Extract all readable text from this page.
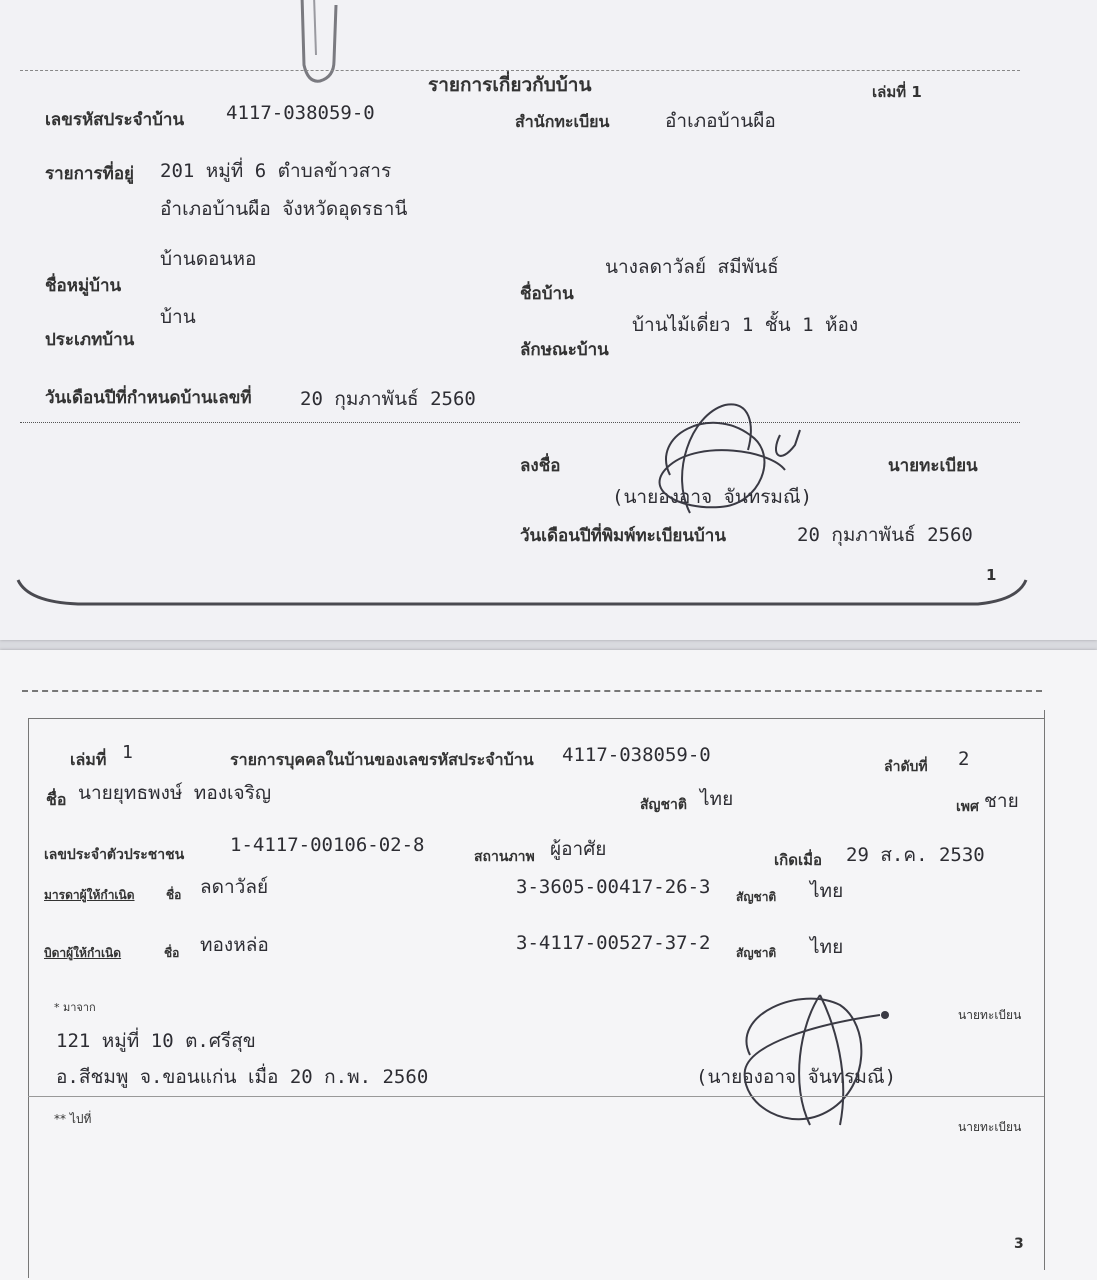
รายการเกี่ยวกับบ้าน	เล่มที่ 1
เลขรหัสประจำบ้าน 4117-038059-0	สำนักทะเบียน	อำเภอบ้านผือ
รายการที่อยู่ 201 หมู่ที่ 6 ตำบลข้าวสาร
อำเภอบ้านผือ จังหวัดอุดรธานี
บ้านดอนหอ
ชื่อหมู่บ้าน
นางลดาวัลย์ สมีพันธ์
ชื่อบ้าน
บ้าน
ประเภทบ้าน
บ้านไม้เดี่ยว 1 ชั้น 1 ห้อง
ลักษณะบ้าน
วันเดือนปีที่กำหนดบ้านเลขที่	20 กุมภาพันธ์ 2560
ลงชื่อ	นายทะเบียน
(นายองอาจ จันทรมณี)
วันเดือนปีที่พิมพ์ทะเบียนบ้าน	20 กุมภาพันธ์ 2560
1
เล่มที่ 1	รายการบุคคลในบ้านของเลขรหัสประจำบ้าน 4117-038059-0
ลำดับที่ 2
ชื่อ นายยุทธพงษ์ ทองเจริญ
สัญชาติ ไทย	เพศ ชาย
เลขประจำตัวประชาชน 1-4117-00106-02-8
สถานภาพ ผู้อาศัย	เกิดเมื่อ 29 ส.ค. 2530
มารดาผู้ให้กำเนิด	ชื่อ ลดาวัลย์	3-3605-00417-26-3 สัญชาติ ไทย
บิดาผู้ให้กำเนิด	ชื่อ ทองหล่อ	3-4117-00527-37-2 สัญชาติ ไทย
* มาจาก
นายทะเบียน
121 หมู่ที่ 10 ต.ศรีสุข
อ.สีชมพู จ.ขอนแก่น เมื่อ 20 ก.พ. 2560	(นายองอาจ จันทรมณี)
** ไปที่
นายทะเบียน
3
